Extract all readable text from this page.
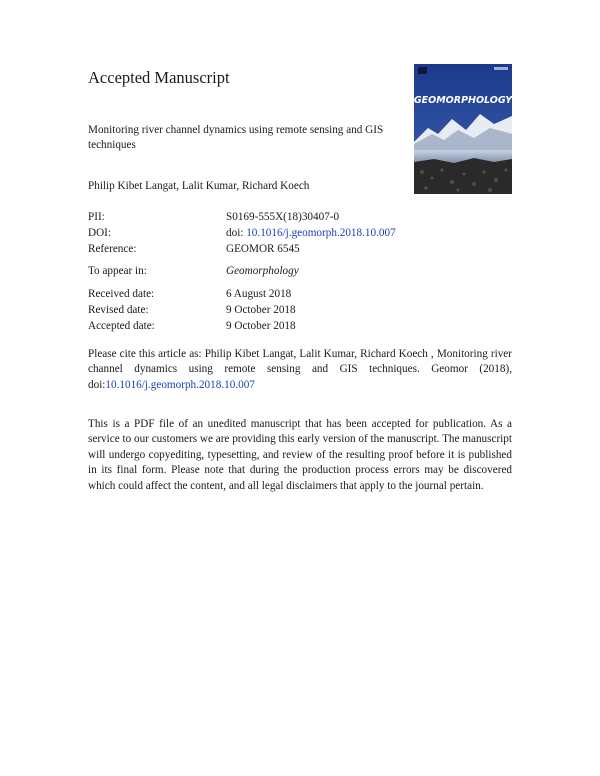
Accepted Manuscript
Monitoring river channel dynamics using remote sensing and GIS techniques
Philip Kibet Langat, Lalit Kumar, Richard Koech
GEOMORPHOLOGY
PII:	S0169-555X(18)30407-0
DOI:	doi: 10.1016/j.geomorph.2018.10.007
Reference:	GEOMOR 6545
To appear in:	Geomorphology
Received date:	6 August 2018
Revised date:	9 October 2018
Accepted date:	9 October 2018
Please cite this article as: Philip Kibet Langat, Lalit Kumar, Richard Koech , Monitoring river channel dynamics using remote sensing and GIS techniques. Geomor (2018), doi:10.1016/j.geomorph.2018.10.007
This is a PDF file of an unedited manuscript that has been accepted for publication. As a service to our customers we are providing this early version of the manuscript. The manuscript will undergo copyediting, typesetting, and review of the resulting proof before it is published in its final form. Please note that during the production process errors may be discovered which could affect the content, and all legal disclaimers that apply to the journal pertain.
